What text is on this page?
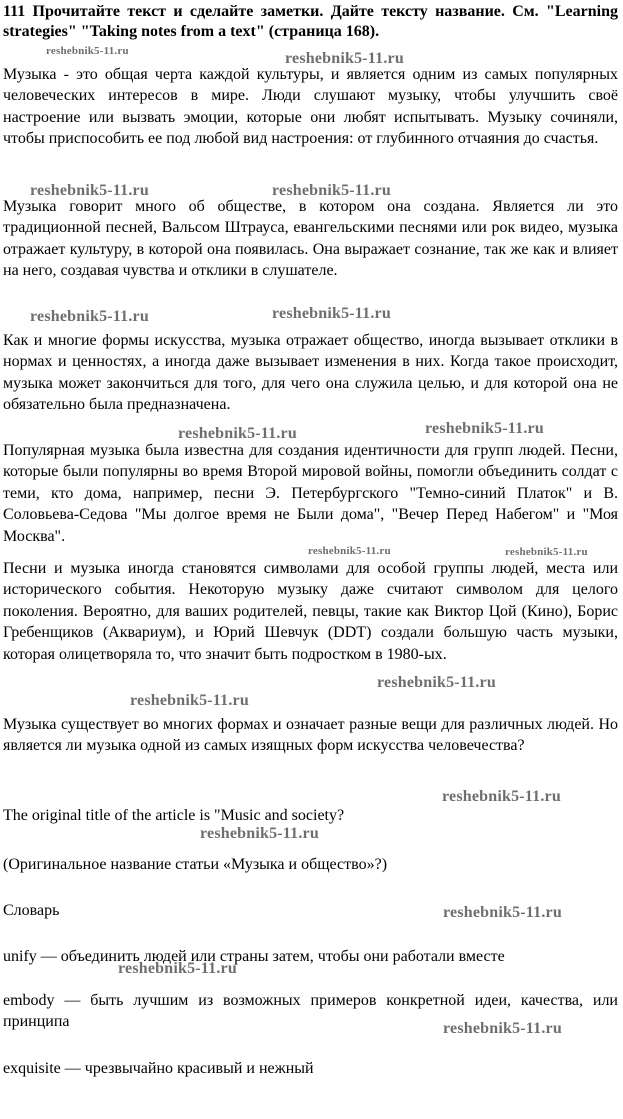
111 Прочитайте текст и сделайте заметки. Дайте тексту название. См. "Learning strategies" "Taking notes from a text" (страница 168).

Музыка - это общая черта каждой культуры, и является одним из самых популярных человеческих интересов в мире. Люди слушают музыку, чтобы улучшить своё настроение или вызвать эмоции, которые они любят испытывать. Музыку сочиняли, чтобы приспособить ее под любой вид настроения: от глубинного отчаяния до счастья.

Музыка говорит много об обществе, в котором она создана. Является ли это традиционной песней, Вальсом Штрауса, евангельскими песнями или рок видео, музыка отражает культуру, в которой она появилась. Она выражает сознание, так же как и влияет на него, создавая чувства и отклики в слушателе.

Как и многие формы искусства, музыка отражает общество, иногда вызывает отклики в нормах и ценностях, а иногда даже вызывает изменения в них. Когда такое происходит, музыка может закончиться для того, для чего она служила целью, и для которой она не обязательно была предназначена.

Популярная музыка была известна для создания идентичности для групп людей. Песни, которые были популярны во время Второй мировой войны, помогли объединить солдат с теми, кто дома, например, песни Э. Петербургского "Темно-синий Платок" и В. Соловьева-Седова "Мы долгое время не Были дома", "Вечер Перед Набегом" и "Моя Москва".

Песни и музыка иногда становятся символами для особой группы людей, места или исторического события. Некоторую музыку даже считают символом для целого поколения. Вероятно, для ваших родителей, певцы, такие как Виктор Цой (Кино), Борис Гребенщиков (Аквариум), и Юрий Шевчук (DDT) создали большую часть музыки, которая олицетворяла то, что значит быть подростком в 1980-ых.

Музыка существует во многих формах и означает разные вещи для различных людей. Но является ли музыка одной из самых изящных форм искусства человечества?

The original title of the article is "Music and society?

(Оригинальное название статьи «Музыка и общество»?)

Словарь

unify — объединить людей или страны затем, чтобы они работали вместе

embody — быть лучшим из возможных примеров конкретной идеи, качества, или принципа

exquisite — чрезвычайно красивый и нежный

reshebnik5-11.ru	reshebnik5-11.ru
reshebnik5-11.ru	reshebnik5-11.ru
reshebnik5-11.ru	reshebnik5-11.ru
reshebnik5-11.ru	reshebnik5-11.ru
reshebnik5-11.ru	reshebnik5-11.ru
reshebnik5-11.ru
reshebnik5-11.ru
reshebnik5-11.ru
reshebnik5-11.ru
reshebnik5-11.ru
reshebnik5-11.ru
reshebnik5-11.ru
